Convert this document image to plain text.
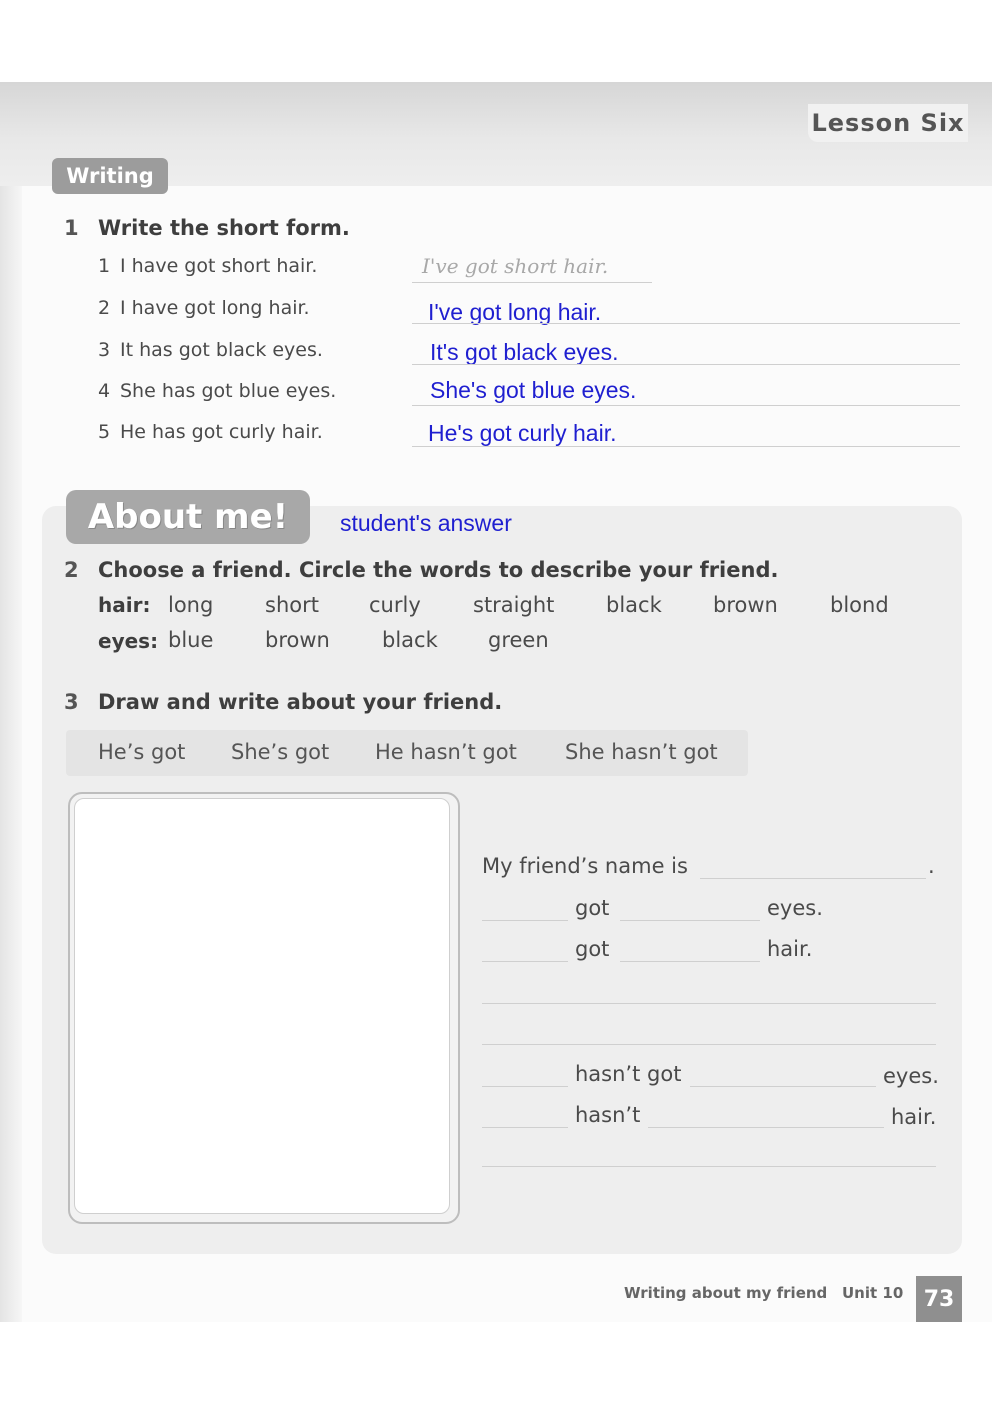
Lesson Six
Writing
1 Write the short form.
1 I have got short hair.	I've got short hair.
2 I have got long hair.	I've got long hair.
3 It has got black eyes.	It's got black eyes.
4 She has got blue eyes.	She's got blue eyes.
5 He has got curly hair.	He's got curly hair.
About me!	student's answer
2 Choose a friend. Circle the words to describe your friend.
hair: long short curly straight black brown blond
eyes: blue brown black green
3 Draw and write about your friend.
He’s got She’s got He hasn’t got She hasn’t got
My friend’s name is	.
got	eyes.
got	hair.
hasn’t got	eyes.
hasn’t	hair.
Writing about my friend Unit 10 73
